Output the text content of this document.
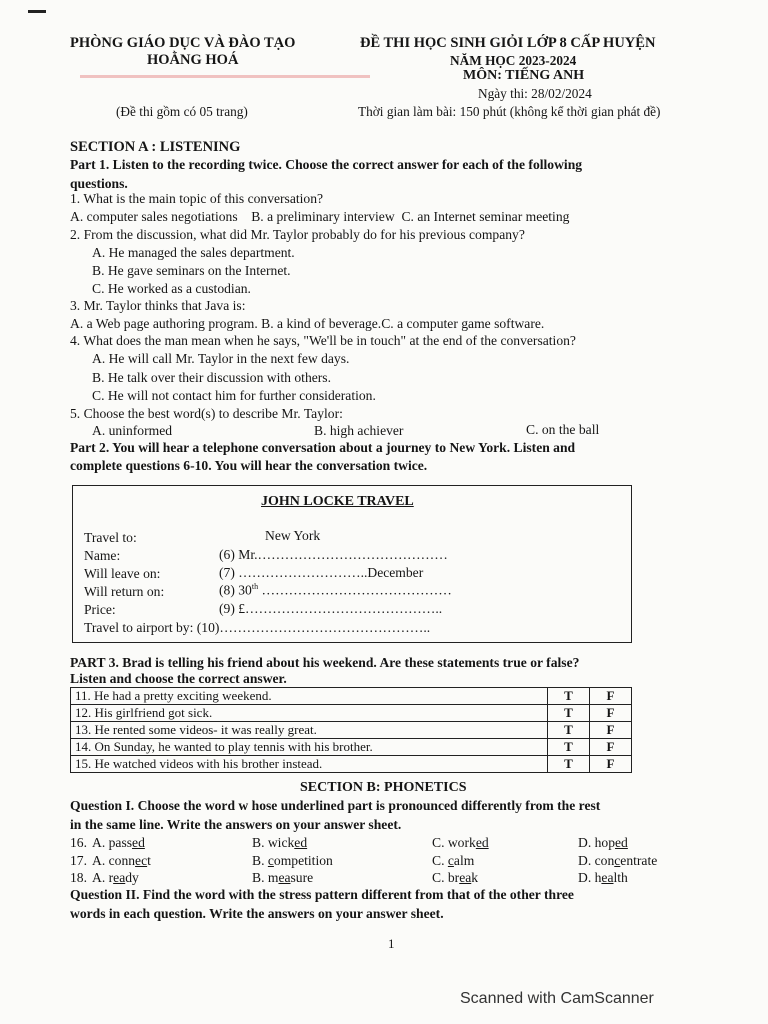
PHÒNG GIÁO DỤC VÀ ĐÀO TẠO
HOẰNG HOÁ
ĐỀ THI HỌC SINH GIỎI LỚP 8 CẤP HUYỆN
NĂM HỌC 2023-2024
MÔN: TIẾNG ANH
Ngày thi: 28/02/2024
(Đề thi gồm có 05 trang)	Thời gian làm bài: 150 phút (không kể thời gian phát đề)
SECTION A : LISTENING
Part 1. Listen to the recording twice. Choose the correct answer for each of the following
questions.
1. What is the main topic of this conversation?
A. computer sales negotiations    B. a preliminary interview  C. an Internet seminar meeting
2. From the discussion, what did Mr. Taylor probably do for his previous company?
A. He managed the sales department.
B. He gave seminars on the Internet.
C. He worked as a custodian.
3. Mr. Taylor thinks that Java is:
A. a Web page authoring program. B. a kind of beverage.C. a computer game software.
4. What does the man mean when he says, "We'll be in touch" at the end of the conversation?
A. He will call Mr. Taylor in the next few days.
B. He talk over their discussion with others.
C. He will not contact him for further consideration.
5. Choose the best word(s) to describe Mr. Taylor:
A. uninformed	B. high achiever	C. on the ball
Part 2. You will hear a telephone conversation about a journey to New York. Listen and
complete questions 6-10. You will hear the conversation twice.
JOHN LOCKE TRAVEL
Travel to:	New York
Name:	(6) Mr.……………………………………
Will leave on:	(7) ………………………..December
Will return on:	(8) 30th ……………………………………
Price:	(9) £……………………………………..
Travel to airport by: (10)………………………………………..
PART 3. Brad is telling his friend about his weekend. Are these statements true or false?
Listen and choose the correct answer.
11. He had a pretty exciting weekend.	T	F
12. His girlfriend got sick.	T	F
13. He rented some videos- it was really great.	T	F
14. On Sunday, he wanted to play tennis with his brother.	T	F
15. He watched videos with his brother instead.	T	F
SECTION B: PHONETICS
Question I. Choose the word w hose underlined part is pronounced differently from the rest
in the same line. Write the answers on your answer sheet.
16. A. passed	B. wicked	C. worked	D. hoped
17. A. connect	B. competition	C. calm	D. concentrate
18. A. ready	B. measure	C. break	D. health
Question II. Find the word with the stress pattern different from that of the other three
words in each question. Write the answers on your answer sheet.
1
Scanned with CamScanner
